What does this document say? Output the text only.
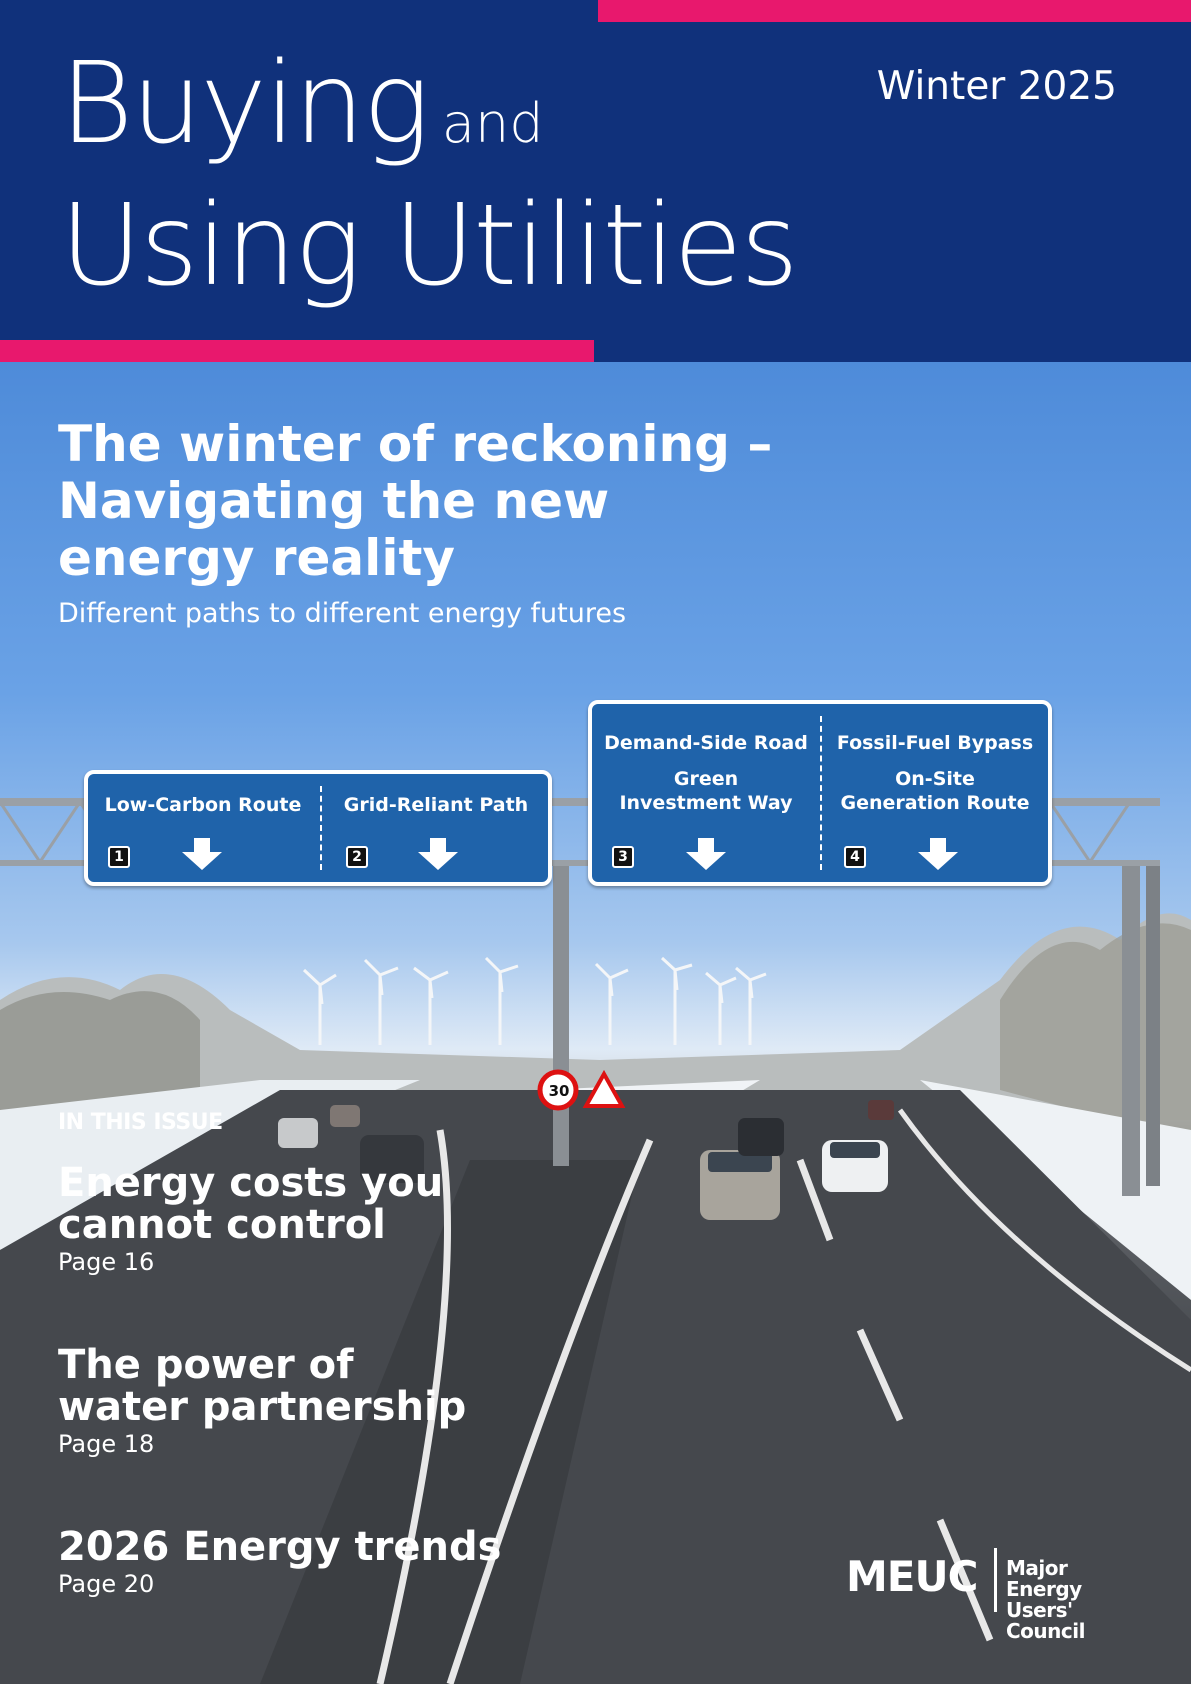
Buying and
Using Utilities
Winter 2025
The winter of reckoning – Navigating the new energy reality
Different paths to different energy futures
Low-Carbon Route	Grid-Reliant Path
1	2
Demand-Side Road
Green
Investment Way
Fossil-Fuel Bypass
On-Site
Generation Route
3	4
30
IN THIS ISSUE
Energy costs you
cannot control
Page 16
The power of
water partnership
Page 18
2026 Energy trends
Page 20	MEUC Major Energy
Users' Council
